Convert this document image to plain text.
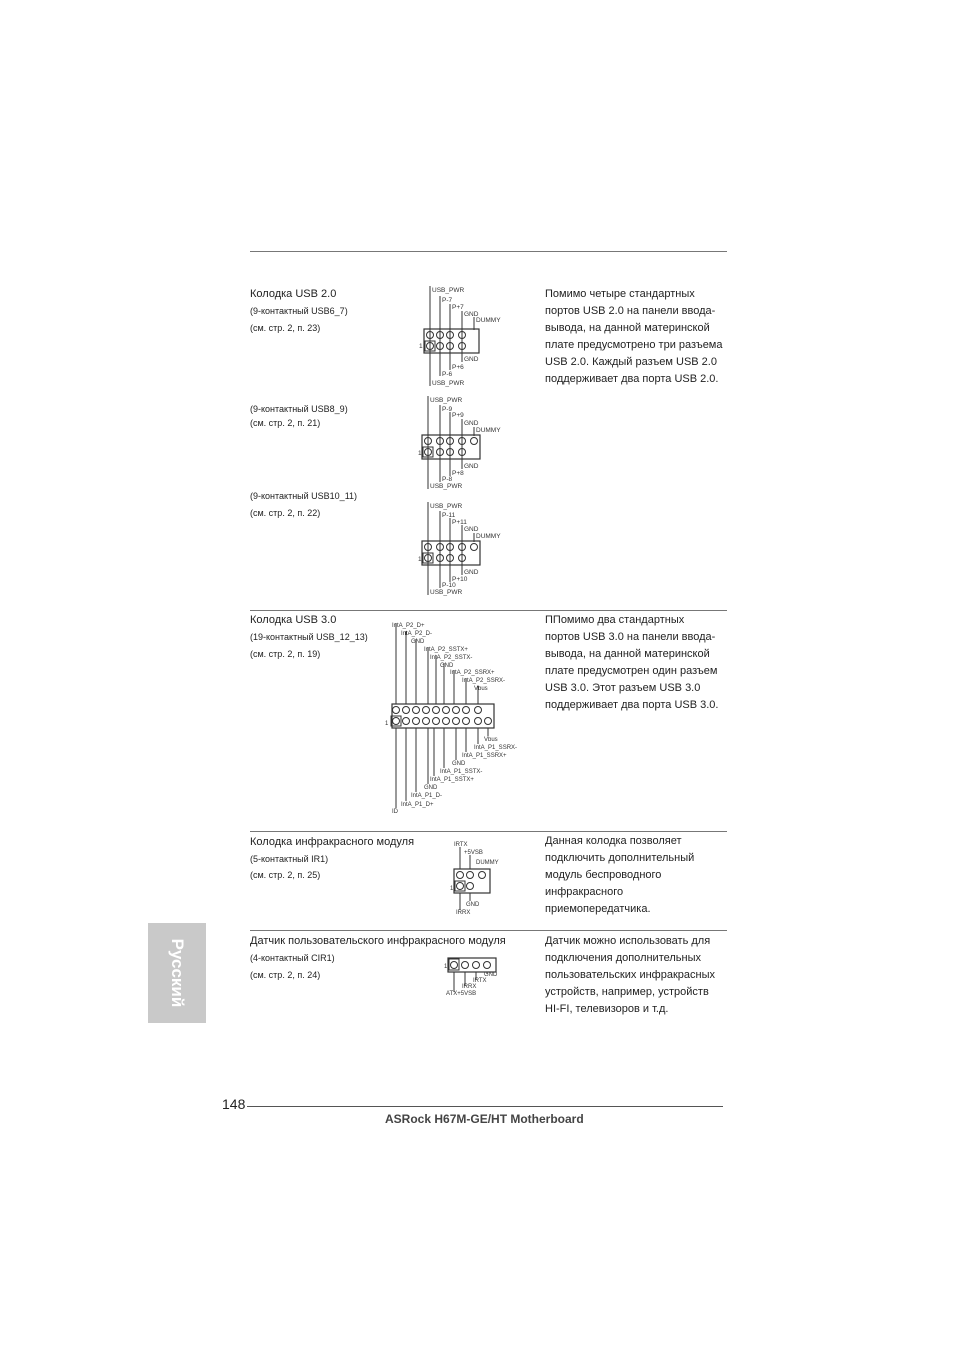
Колодка USB 2.0
(9-контактный USB6_7)
(см. стр. 2, п. 23)
(9-контактный USB8_9)
(см. стр. 2, п. 21)
(9-контактный USB10_11)
(см. стр. 2, п. 22)
Помимо четыре стандартных
портов USB 2.0 на панели ввода-
вывода, на данной материнской
плате предусмотрено три разъема
USB 2.0. Каждый разъем USB 2.0
поддерживает два порта USB 2.0.
USB_PWR
P-7
P+7
GND
DUMMY
1
GND
P+6
P-6
USB_PWR
USB_PWR
P-9
P+9
GND
DUMMY
1
GND
P+8
P-8
USB_PWR
USB_PWR
P-11
P+11
GND
DUMMY
1
GND
P+10
P-10
USB_PWR
Колодка USB 3.0
(19-контактный USB_12_13)
(см. стр. 2, п. 19)
ППомимо два стандартных
портов USB 3.0 на панели ввода-
вывода, на данной материнской
плате предусмотрен один разъем
USB 3.0. Этот разъем USB 3.0
поддерживает два порта USB 3.0.
IntA_P2_D+
IntA_P2_D-
GND
IntA_P2_SSTX+
IntA_P2_SSTX-
GND
IntA_P2_SSRX+
IntA_P2_SSRX-
Vbus
1
Vbus
IntA_P1_SSRX-
IntA_P1_SSRX+
GND
IntA_P1_SSTX-
IntA_P1_SSTX+
GND
IntA_P1_D-
IntA_P1_D+
ID
Колодка инфракрасного модуля
(5-контактный IR1)
(см. стр. 2, п. 25)
Данная колодка позволяет
подключить дополнительный
модуль беспроводного
инфракрасного
приемопередатчика.
IRTX
+5VSB
DUMMY
1
GND
IRRX
Датчик пользовательского инфракрасного модуля
(4-контактный CIR1)
(см. стр. 2, п. 24)
Датчик можно использовать для
подключения дополнительных
пользовательских инфракрасных
устройств, например, устройств
HI-FI, телевизоров и т.д.
1
GND
IRTX
IRRX
ATX+5VSB
Русский
148
ASRock H67M-GE/HT Motherboard
